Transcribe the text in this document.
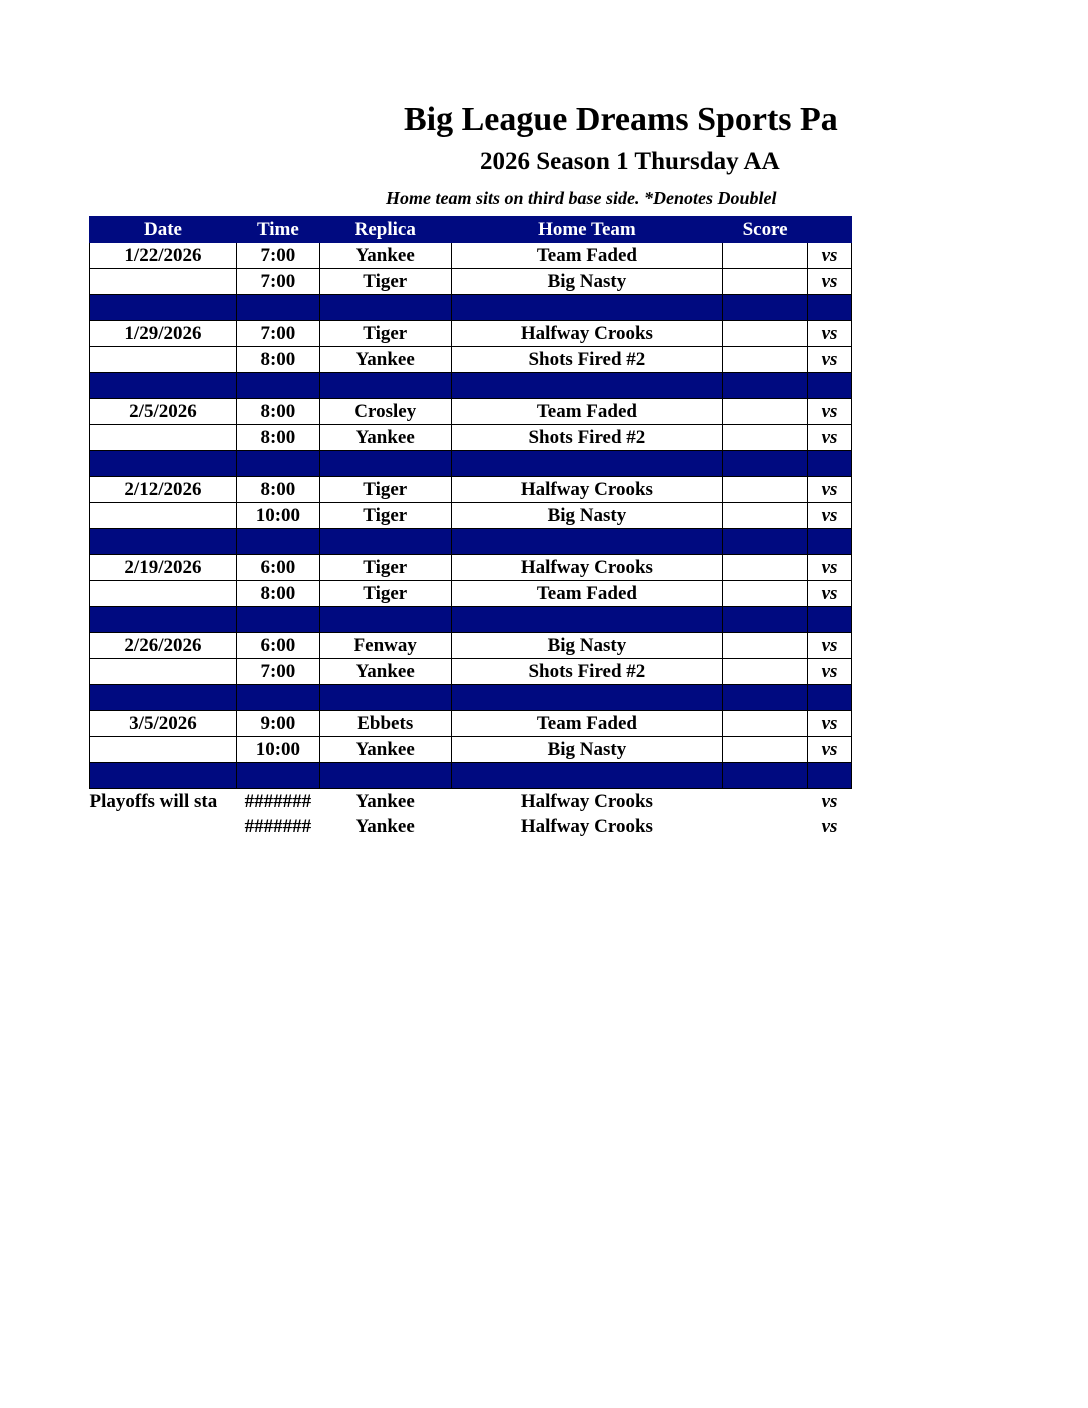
Big League Dreams Sports Pa
2026 Season 1 Thursday AA
Home team sits on third base side. *Denotes Doublel
Date	Time	Replica	Home Team	Score	
1/22/2026	7:00	Yankee	Team Faded		vs
	7:00	Tiger	Big Nasty		vs

1/29/2026	7:00	Tiger	Halfway Crooks		vs
	8:00	Yankee	Shots Fired #2		vs

2/5/2026	8:00	Crosley	Team Faded		vs
	8:00	Yankee	Shots Fired #2		vs

2/12/2026	8:00	Tiger	Halfway Crooks		vs
	10:00	Tiger	Big Nasty		vs

2/19/2026	6:00	Tiger	Halfway Crooks		vs
	8:00	Tiger	Team Faded		vs

2/26/2026	6:00	Fenway	Big Nasty		vs
	7:00	Yankee	Shots Fired #2		vs

3/5/2026	9:00	Ebbets	Team Faded		vs
	10:00	Yankee	Big Nasty		vs

Playoffs will sta	#######	Yankee	Halfway Crooks		vs
	#######	Yankee	Halfway Crooks		vs
